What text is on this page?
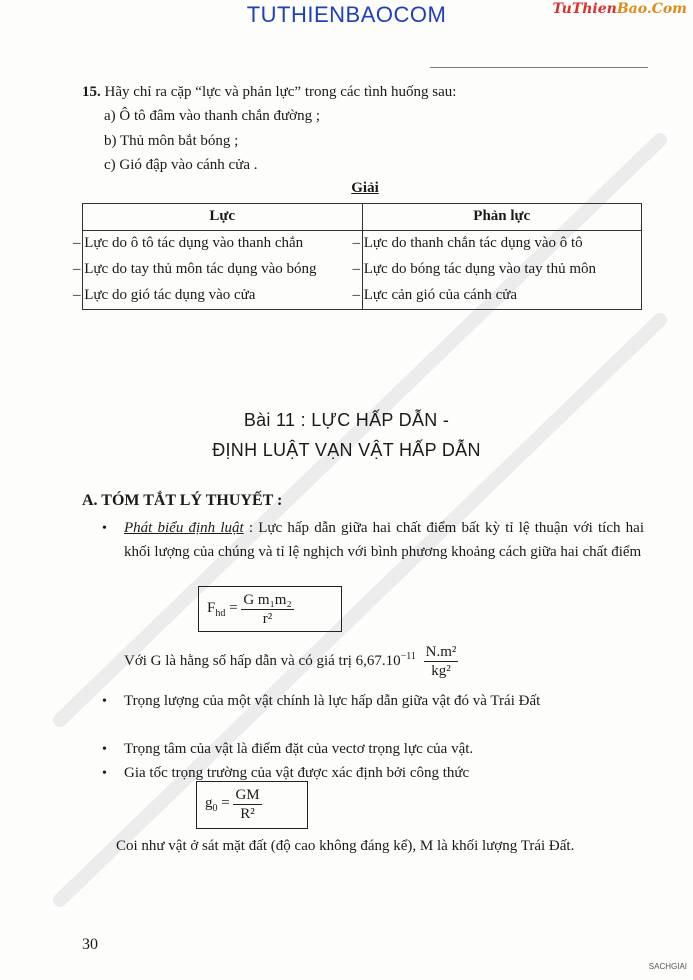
TUTHIENBAOCOM	TuThienBao.Com
15. Hãy chỉ ra cặp “lực và phản lực” trong các tình huống sau:
a) Ô tô đâm vào thanh chắn đường ;
b) Thủ môn bắt bóng ;
c) Gió đập vào cánh cửa .
Giải
Lực	Phản lực
– Lực do ô tô tác dụng vào thanh chắn	– Lực do thanh chắn tác dụng vào ô tô
– Lực do tay thủ môn tác dụng vào bóng	– Lực do bóng tác dụng vào tay thủ môn
– Lực do gió tác dụng vào cửa	– Lực cản gió của cánh cửa
Bài 11 : LỰC HẤP DẪN -
ĐỊNH LUẬT VẠN VẬT HẤP DẪN
A. TÓM TẮT LÝ THUYẾT :
• Phát biểu định luật : Lực hấp dẫn giữa hai chất điểm bất kỳ tỉ lệ thuận với tích hai khối lượng của chúng và tỉ lệ nghịch với bình phương khoảng cách giữa hai chất điểm
$F_{hd} = \frac{\text{G m₁m₂}}{\text{r²}}$
Với G là hằng số hấp dẫn và có giá trị $6,67.10^{-11} \frac{\text{N.m²}}{\text{kg²}}$
• Trọng lượng của một vật chính là lực hấp dẫn giữa vật đó và Trái Đất
• Trọng tâm của vật là điểm đặt của vectơ trọng lực của vật.
• Gia tốc trọng trường của vật được xác định bởi công thức
$g_0 = \frac{GM}{\text{R²}}$
Coi như vật ở sát mặt đất (độ cao không đáng kể), M là khối lượng Trái Đất.
30
SACHGIAI
